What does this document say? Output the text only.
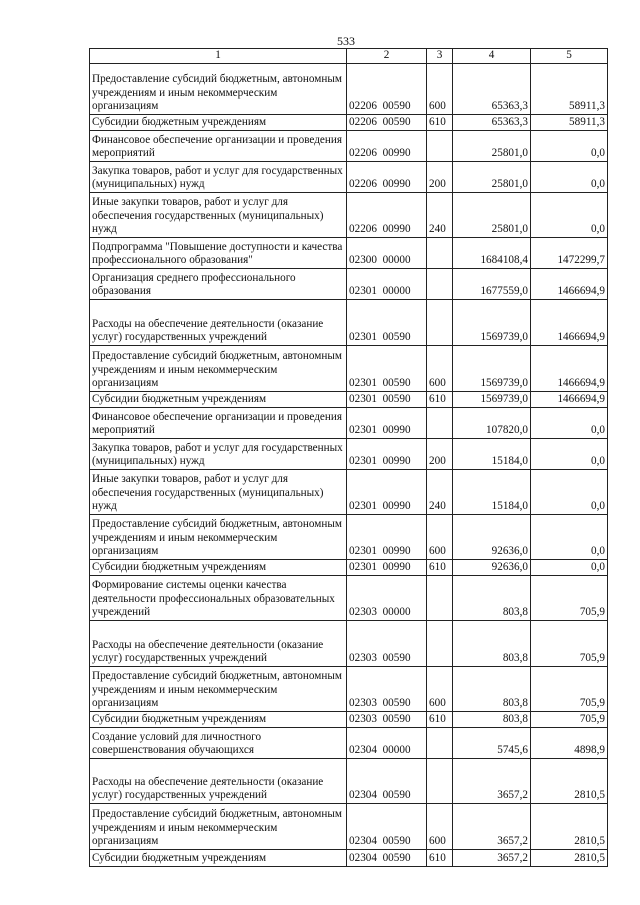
533
1	2	3	4	5
Предоставление субсидий бюджетным, автономным учреждениям и иным некоммерческим организациям	02206  00590	600	65363,3	58911,3
Субсидии бюджетным учреждениям	02206  00590	610	65363,3	58911,3
Финансовое обеспечение организации и проведения мероприятий	02206  00990		25801,0	0,0
Закупка товаров, работ и услуг для государственных (муниципальных) нужд	02206  00990	200	25801,0	0,0
Иные закупки товаров, работ и услуг для обеспечения государственных (муниципальных) нужд	02206  00990	240	25801,0	0,0
Подпрограмма "Повышение доступности и качества профессионального образования"	02300  00000		1684108,4	1472299,7
Организация среднего профессионального образования	02301  00000		1677559,0	1466694,9
Расходы на обеспечение деятельности (оказание услуг) государственных учреждений	02301  00590		1569739,0	1466694,9
Предоставление субсидий бюджетным, автономным учреждениям и иным некоммерческим организациям	02301  00590	600	1569739,0	1466694,9
Субсидии бюджетным учреждениям	02301  00590	610	1569739,0	1466694,9
Финансовое обеспечение организации и проведения мероприятий	02301  00990		107820,0	0,0
Закупка товаров, работ и услуг для государственных (муниципальных) нужд	02301  00990	200	15184,0	0,0
Иные закупки товаров, работ и услуг для обеспечения государственных (муниципальных) нужд	02301  00990	240	15184,0	0,0
Предоставление субсидий бюджетным, автономным учреждениям и иным некоммерческим организациям	02301  00990	600	92636,0	0,0
Субсидии бюджетным учреждениям	02301  00990	610	92636,0	0,0
Формирование системы оценки качества деятельности профессиональных образовательных учреждений	02303  00000		803,8	705,9
Расходы на обеспечение деятельности (оказание услуг) государственных учреждений	02303  00590		803,8	705,9
Предоставление субсидий бюджетным, автономным учреждениям и иным некоммерческим организациям	02303  00590	600	803,8	705,9
Субсидии бюджетным учреждениям	02303  00590	610	803,8	705,9
Создание условий для личностного совершенствования обучающихся	02304  00000		5745,6	4898,9
Расходы на обеспечение деятельности (оказание услуг) государственных учреждений	02304  00590		3657,2	2810,5
Предоставление субсидий бюджетным, автономным учреждениям и иным некоммерческим организациям	02304  00590	600	3657,2	2810,5
Субсидии бюджетным учреждениям	02304  00590	610	3657,2	2810,5
